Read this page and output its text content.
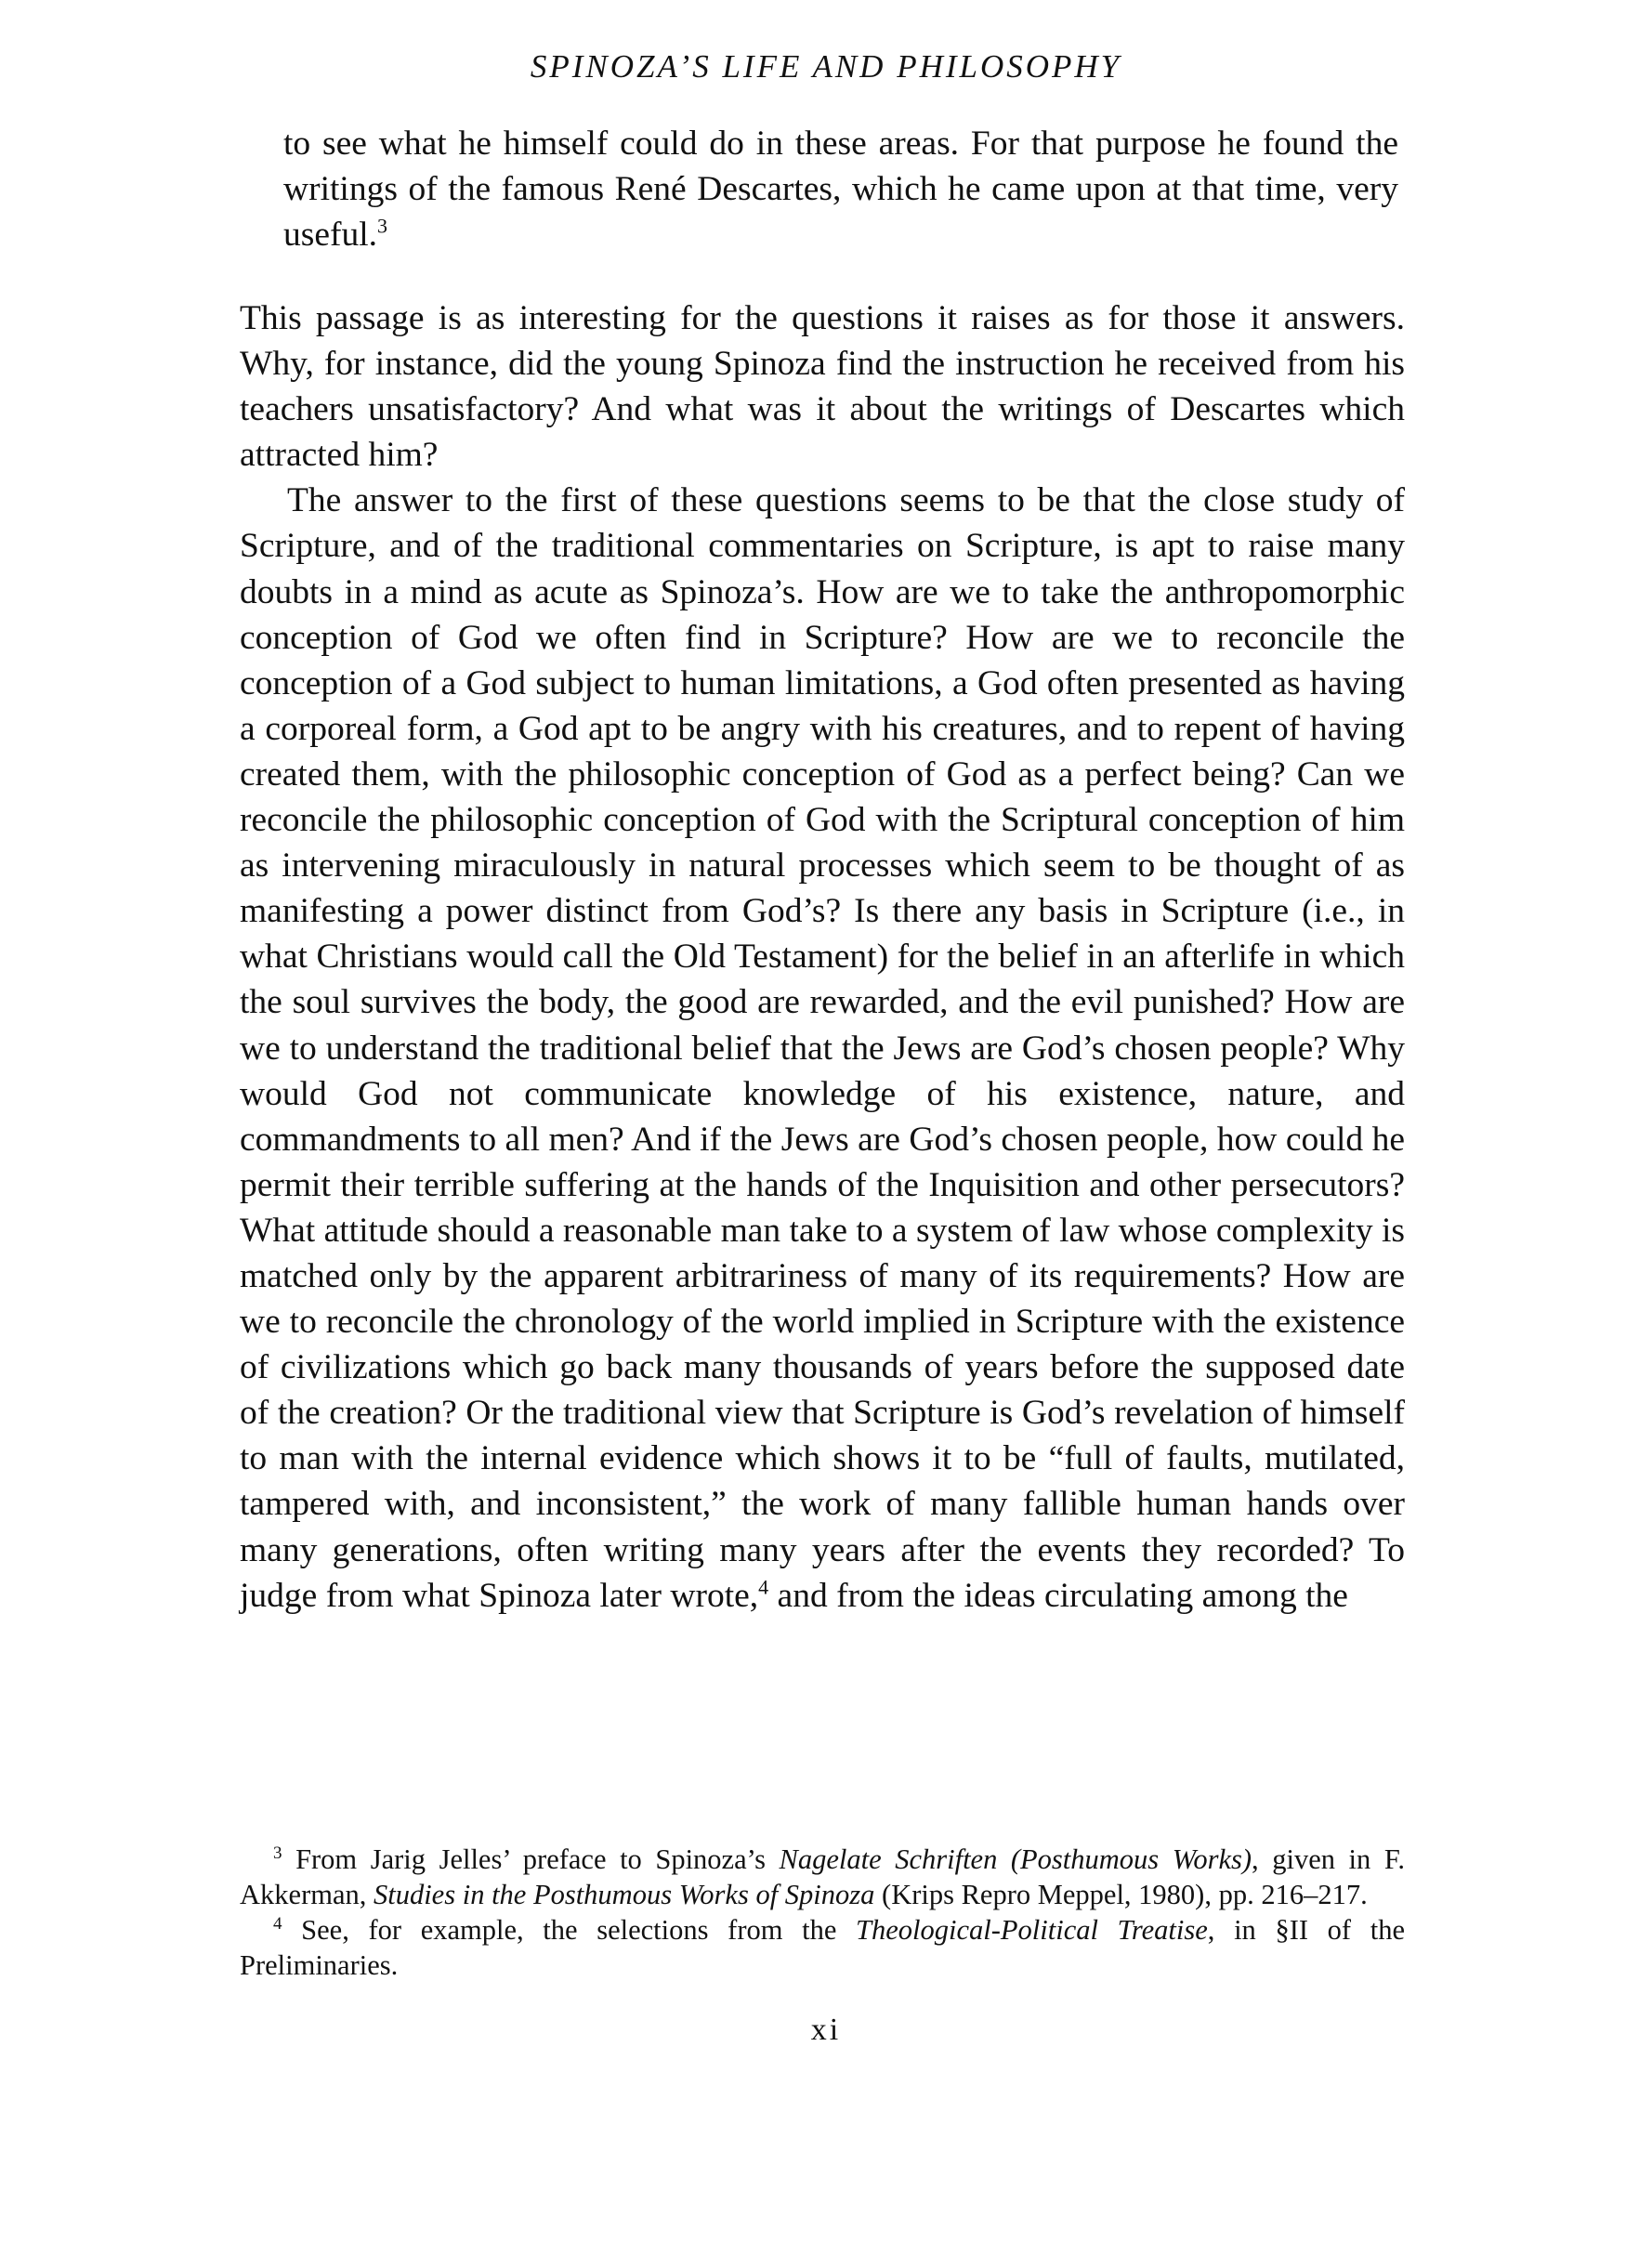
SPINOZA’S LIFE AND PHILOSOPHY
to see what he himself could do in these areas. For that purpose he found the writings of the famous René Descartes, which he came upon at that time, very useful.$^3$

This passage is as interesting for the questions it raises as for those it answers. Why, for instance, did the young Spinoza find the instruction he received from his teachers unsatisfactory? And what was it about the writings of Descartes which attracted him?

The answer to the first of these questions seems to be that the close study of Scripture, and of the traditional commentaries on Scripture, is apt to raise many doubts in a mind as acute as Spinoza’s. How are we to take the anthropomorphic conception of God we often find in Scripture? How are we to reconcile the conception of a God subject to human limitations, a God often presented as having a corporeal form, a God apt to be angry with his creatures, and to repent of having created them, with the philosophic conception of God as a perfect being? Can we reconcile the philosophic conception of God with the Scriptural conception of him as intervening miraculously in natural processes which seem to be thought of as manifesting a power distinct from God’s? Is there any basis in Scripture (i.e., in what Christians would call the Old Testament) for the belief in an afterlife in which the soul survives the body, the good are rewarded, and the evil punished? How are we to understand the traditional belief that the Jews are God’s chosen people? Why would God not communicate knowledge of his existence, nature, and commandments to all men? And if the Jews are God’s chosen people, how could he permit their terrible suffering at the hands of the Inquisition and other persecutors? What attitude should a reasonable man take to a system of law whose complexity is matched only by the apparent arbitrariness of many of its requirements? How are we to reconcile the chronology of the world implied in Scripture with the existence of civilizations which go back many thousands of years before the supposed date of the creation? Or the traditional view that Scripture is God’s revelation of himself to man with the internal evidence which shows it to be “full of faults, mutilated, tampered with, and inconsistent,” the work of many fallible human hands over many generations, often writing many years after the events they recorded? To judge from what Spinoza later wrote,$^4$ and from the ideas circulating among the

$^3$ From Jarig Jelles’ preface to Spinoza’s Nagelate Schriften (Posthumous Works), given in F. Akkerman, Studies in the Posthumous Works of Spinoza (Krips Repro Meppel, 1980), pp. 216–217.

$^4$ See, for example, the selections from the Theological-Political Treatise, in §II of the Preliminaries.

xi
